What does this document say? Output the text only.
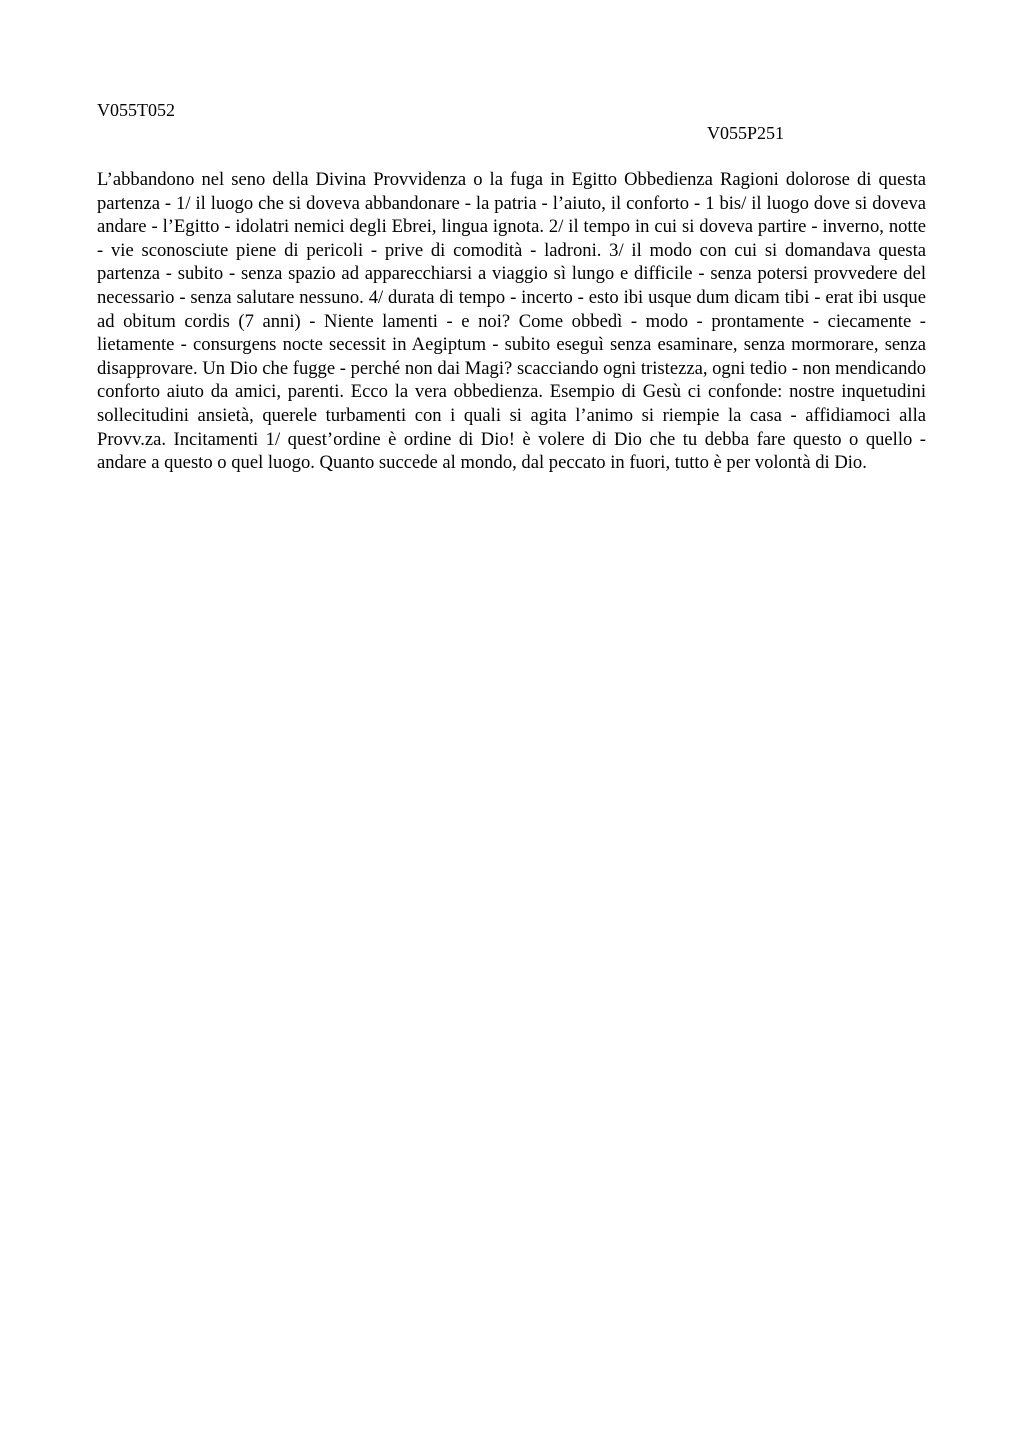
V055T052

V055P251

L’abbandono nel seno della Divina Provvidenza o la fuga in Egitto Obbedienza Ragioni dolorose di questa partenza - 1/ il luogo che si doveva abbandonare - la patria - l’aiuto, il conforto - 1 bis/ il luogo dove si doveva andare - l’Egitto - idolatri nemici degli Ebrei, lingua ignota. 2/ il tempo in cui si doveva partire - inverno, notte - vie sconosciute piene di pericoli - prive di comodità - ladroni. 3/ il modo con cui si domandava questa partenza - subito - senza spazio ad apparecchiarsi a viaggio sì lungo e difficile - senza potersi provvedere del necessario - senza salutare nessuno. 4/ durata di tempo - incerto - esto ibi usque dum dicam tibi - erat ibi usque ad obitum cordis (7 anni) - Niente lamenti - e noi? Come obbedì - modo - prontamente - ciecamente - lietamente - consurgens nocte secessit in Aegiptum - subito eseguì senza esaminare, senza mormorare, senza disapprovare. Un Dio che fugge - perché non dai Magi? scacciando ogni tristezza, ogni tedio - non mendicando conforto aiuto da amici, parenti. Ecco la vera obbedienza. Esempio di Gesù ci confonde: nostre inquetudini sollecitudini ansietà, querele turbamenti con i quali si agita l’animo si riempie la casa - affidiamoci alla Provv.za. Incitamenti 1/ quest’ordine è ordine di Dio! è volere di Dio che tu debba fare questo o quello - andare a questo o quel luogo. Quanto succede al mondo, dal peccato in fuori, tutto è per volontà di Dio.
